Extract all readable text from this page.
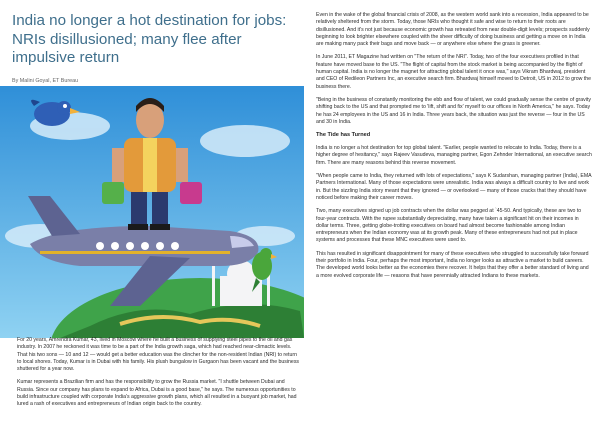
India no longer a hot destination for jobs: NRIs disillusioned; many flee after impulsive return
By Malini Goyal, ET Bureau

For 20 years, Amrendra Kumar, 43, lived in Moscow where he built a business of supplying steel pipes to the oil and gas industry. In 2007 he reckoned it was time to be a part of the India growth saga, which had reached near-climactic levels. That his two sons — 10 and 12 — would get a better education was the clincher for the non-resident Indian (NRI) to return to local shores. Today, Kumar is in Dubai with his family. His plush bungalow in Gurgaon has been vacant and the business shuttered for a year now.

Kumar represents a Brazilian firm and has the responsibility to grow the Russia market. "I shuttle between Dubai and Russia. Since our company has plans to expand to Africa, Dubai is a good base," he says. The numerous opportunities to build infrastructure coupled with corporate India's aggressive growth plans, which all resulted in a buoyant job market, had lured a rash of executives and entrepreneurs of Indian origin back to the country.

Even in the wake of the global financial crisis of 2008, as the western world sank into a recession, India appeared to be relatively sheltered from the storm. Today, those NRIs who thought it safe and wise to return to their roots are disillusioned. And it's not just because economic growth has retreated from near double-digit levels; prospects suddenly beginning to look brighter elsewhere coupled with the sheer difficulty of doing business and getting a move on in India are making many pack their bags and move back — or anywhere else where the grass is greener.

In June 2011, ET Magazine had written on "The return of the NRI". Today, two of the four executives profiled in that feature have moved base to the US. "The flight of capital from the stock market is being accompanied by the flight of human capital. India is no longer the magnet for attracting global talent it once was," says Vikram Bhardwaj, president and CEO of Redileon Partners Inc, an executive search firm. Bhardwaj himself moved to Detroit, US in 2012 to grow the business there.

"Being in the business of constantly monitoring the ebb and flow of talent, we could gradually sense the centre of gravity shifting back to the US and that prompted me to 'lift, shift and fix' myself to our offices in North America," he says. Today he has 24 employees in the US and 16 in India. Three years back, the situation was just the reverse — four in the US and 30 in India.

The Tide has Turned

India is no longer a hot destination for top global talent. "Earlier, people wanted to relocate to India. Today, there is a higher degree of hesitancy," says Rajeev Vasudeva, managing partner, Egon Zehnder International, an executive search firm. There are many reasons behind this reverse movement.

"When people came to India, they returned with lots of expectations," says K Sudarshan, managing partner (India), EMA Partners International. Many of those expectations were unrealistic. India was always a difficult country to live and work in. But the sizzling India story meant that they ignored — or overlooked — many of those cracks that they should have noticed before making their career moves.

Two, many executives signed up job contracts when the dollar was pegged at `45-50. And typically, these are two to four-year contracts. With the rupee substantially depreciating, many have taken a significant hit on their incomes in dollar terms. Three, getting globe-trotting executives on board had almost become fashionable among Indian entrepreneurs when the Indian economy was at its growth peak. Many of these entrepreneurs had not put in place systems and processes that these MNC executives were used to.

This has resulted in significant disappointment for many of these executives who struggled to successfully take forward their portfolio in India. Four, perhaps the most important, India no longer looks as attractive a market to build careers. The developed world looks better as the economies there recover. It helps that they offer a better standard of living and a more evolved corporate life — reasons that have perennially attracted Indians to these markets.
